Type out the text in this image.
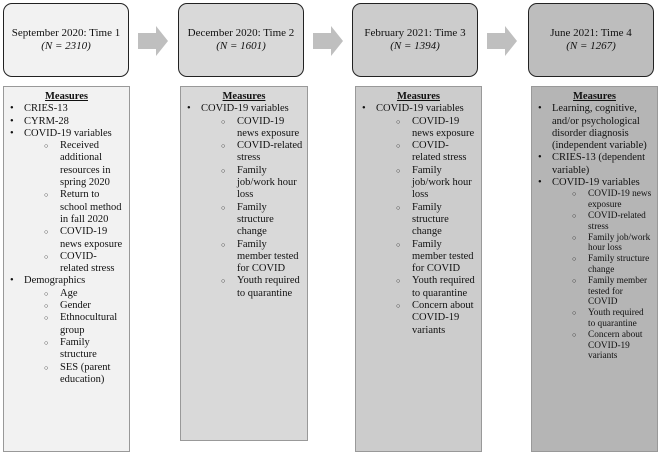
September 2020: Time 1
(N = 2310)
December 2020: Time 2
(N = 1601)
February 2021: Time 3
(N = 1394)
June 2021: Time 4
(N = 1267)
Measures
• CRIES-13
• CYRM-28
• COVID-19 variables
○ Received additional resources in spring 2020
○ Return to school method in fall 2020
○ COVID-19 news exposure
○ COVID-related stress
• Demographics
○ Age
○ Gender
○ Ethnocultural group
○ Family structure
○ SES (parent education)
Measures
• COVID-19 variables
○ COVID-19 news exposure
○ COVID-related stress
○ Family job/work hour loss
○ Family structure change
○ Family member tested for COVID
○ Youth required to quarantine
Measures
• COVID-19 variables
○ COVID-19 news exposure
○ COVID-related stress
○ Family job/work hour loss
○ Family structure change
○ Family member tested for COVID
○ Youth required to quarantine
○ Concern about COVID-19 variants
Measures
• Learning, cognitive, and/or psychological disorder diagnosis (independent variable)
• CRIES-13 (dependent variable)
• COVID-19 variables
○ COVID-19 news exposure
○ COVID-related stress
○ Family job/work hour loss
○ Family structure change
○ Family member tested for COVID
○ Youth required to quarantine
○ Concern about COVID-19 variants
